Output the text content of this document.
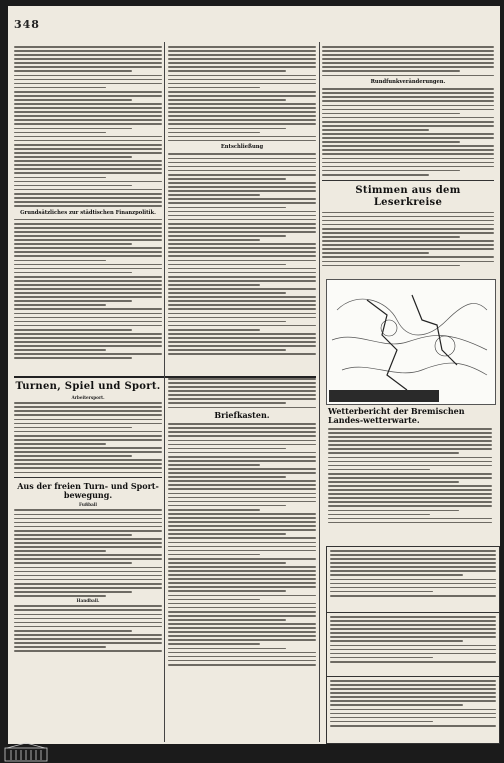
348
Grundsätzliches zur städtischen Finanzpolitik.
Entschließung
Rundfunkveränderungen.
Stimmen aus dem Leserkreise
Turnen, Spiel und Sport.
Arbeitersport.
Aus der freien Turn- und Sport-bewegung.
Fußball
Handball.
Briefkasten.	Wetterbericht der Bremischen Landes-wetterwarte.
